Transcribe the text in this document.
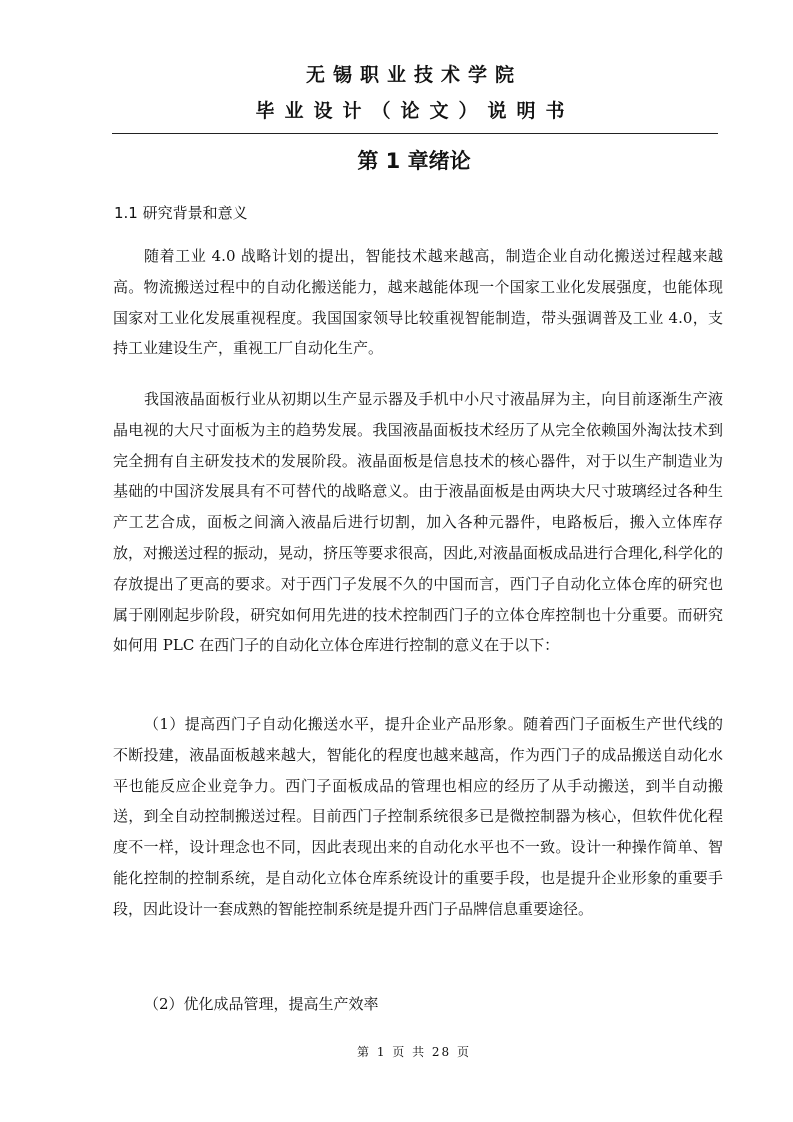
无锡职业技术学院
毕业设计（论文）说明书
第 1 章绪论
1.1 研究背景和意义

随着工业 4.0 战略计划的提出，智能技术越来越高，制造企业自动化搬送过程越来越高。物流搬送过程中的自动化搬送能力，越来越能体现一个国家工业化发展强度，也能体现国家对工业化发展重视程度。我国国家领导比较重视智能制造，带头强调普及工业 4.0，支持工业建设生产，重视工厂自动化生产。

我国液晶面板行业从初期以生产显示器及手机中小尺寸液晶屏为主，向目前逐渐生产液晶电视的大尺寸面板为主的趋势发展。我国液晶面板技术经历了从完全依赖国外淘汰技术到完全拥有自主研发技术的发展阶段。液晶面板是信息技术的核心器件，对于以生产制造业为基础的中国济发展具有不可替代的战略意义。由于液晶面板是由两块大尺寸玻璃经过各种生产工艺合成，面板之间滴入液晶后进行切割，加入各种元器件，电路板后，搬入立体库存放，对搬送过程的振动，晃动，挤压等要求很高，因此,对液晶面板成品进行合理化,科学化的存放提出了更高的要求。对于西门子发展不久的中国而言，西门子自动化立体仓库的研究也属于刚刚起步阶段，研究如何用先进的技术控制西门子的立体仓库控制也十分重要。而研究如何用 PLC 在西门子的自动化立体仓库进行控制的意义在于以下：

（1）提高西门子自动化搬送水平，提升企业产品形象。随着西门子面板生产世代线的不断投建，液晶面板越来越大，智能化的程度也越来越高，作为西门子的成品搬送自动化水平也能反应企业竞争力。西门子面板成品的管理也相应的经历了从手动搬送，到半自动搬送，到全自动控制搬送过程。目前西门子控制系统很多已是微控制器为核心，但软件优化程度不一样，设计理念也不同，因此表现出来的自动化水平也不一致。设计一种操作简单、智能化控制的控制系统，是自动化立体仓库系统设计的重要手段，也是提升企业形象的重要手段，因此设计一套成熟的智能控制系统是提升西门子品牌信息重要途径。

（2）优化成品管理，提高生产效率

第 1 页 共 28 页
